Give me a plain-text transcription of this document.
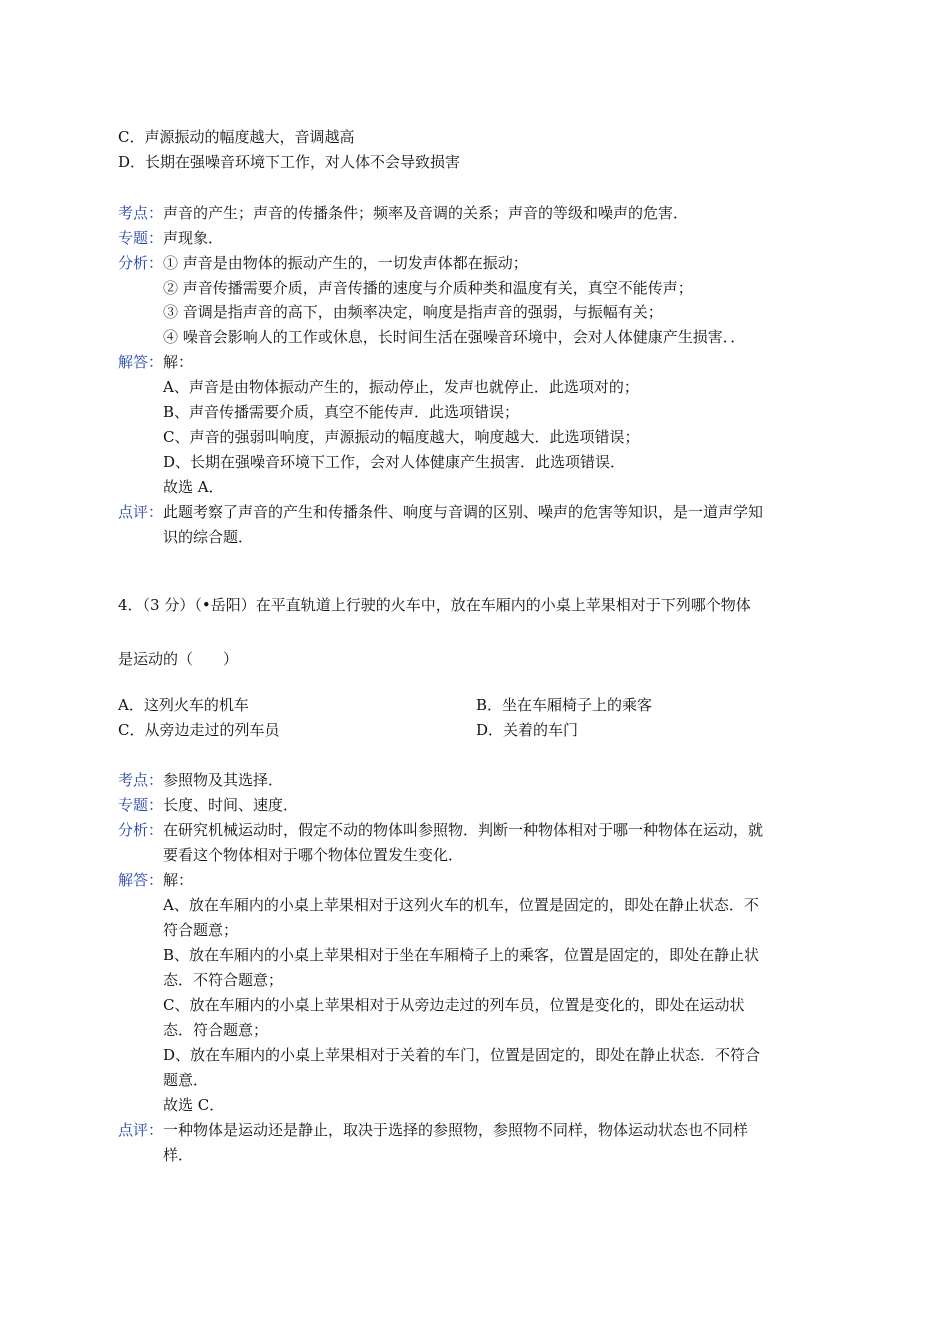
C．声源振动的幅度越大，音调越高
D．长期在强噪音环境下工作，对人体不会导致损害
考点：声音的产生；声音的传播条件；频率及音调的关系；声音的等级和噪声的危害．
专题：声现象．
分析：① 声音是由物体的振动产生的，一切发声体都在振动；
② 声音传播需要介质，声音传播的速度与介质种类和温度有关，真空不能传声；
③ 音调是指声音的高下，由频率决定，响度是指声音的强弱，与振幅有关；
④ 噪音会影响人的工作或休息，长时间生活在强噪音环境中，会对人体健康产生损害．．
解答：解：
A、声音是由物体振动产生的，振动停止，发声也就停止．此选项对的；
B、声音传播需要介质，真空不能传声．此选项错误；
C、声音的强弱叫响度，声源振动的幅度越大，响度越大．此选项错误；
D、长期在强噪音环境下工作，会对人体健康产生损害．此选项错误．
故选 A．
点评：此题考察了声音的产生和传播条件、响度与音调的区别、噪声的危害等知识，是一道声学知
识的综合题．
4．（3 分）（•岳阳）在平直轨道上行驶的火车中，放在车厢内的小桌上苹果相对于下列哪个物体
是运动的（　　）
A．这列火车的机车	B．坐在车厢椅子上的乘客
C．从旁边走过的列车员	D．关着的车门
考点：参照物及其选择．
专题：长度、时间、速度．
分析：在研究机械运动时，假定不动的物体叫参照物．判断一种物体相对于哪一种物体在运动，就
要看这个物体相对于哪个物体位置发生变化．
解答：解：
A、放在车厢内的小桌上苹果相对于这列火车的机车，位置是固定的，即处在静止状态．不
符合题意；
B、放在车厢内的小桌上苹果相对于坐在车厢椅子上的乘客，位置是固定的，即处在静止状
态．不符合题意；
C、放在车厢内的小桌上苹果相对于从旁边走过的列车员，位置是变化的，即处在运动状
态．符合题意；
D、放在车厢内的小桌上苹果相对于关着的车门，位置是固定的，即处在静止状态．不符合
题意．
故选 C．
点评：一种物体是运动还是静止，取决于选择的参照物，参照物不同样，物体运动状态也不同样
样．
